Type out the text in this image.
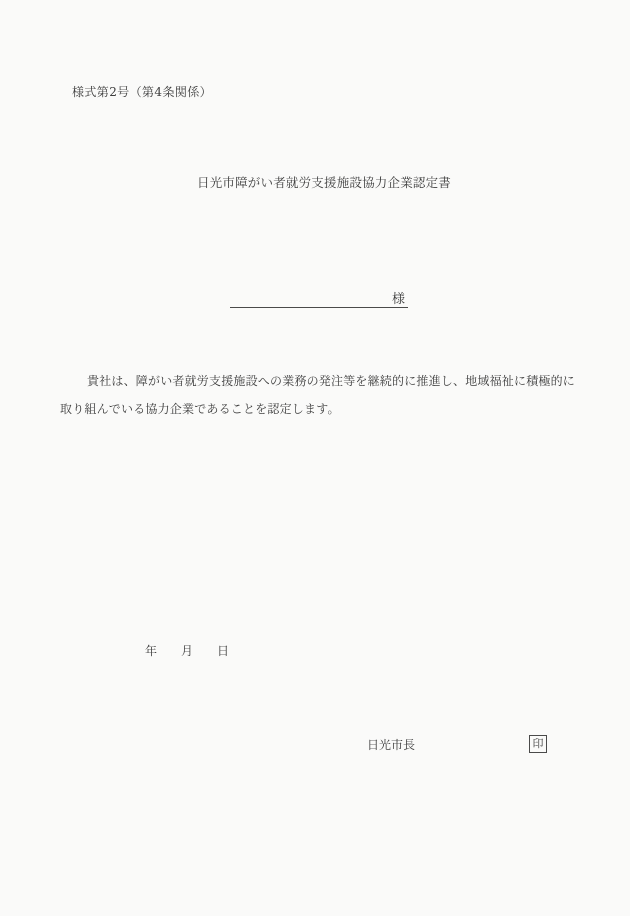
様式第2号（第4条関係）
日光市障がい者就労支援施設協力企業認定書
様
貴社は、障がい者就労支援施設への業務の発注等を継続的に推進し、地域福祉に積極的に
取り組んでいる協力企業であることを認定します。
年　　月　　日
日光市長	印
